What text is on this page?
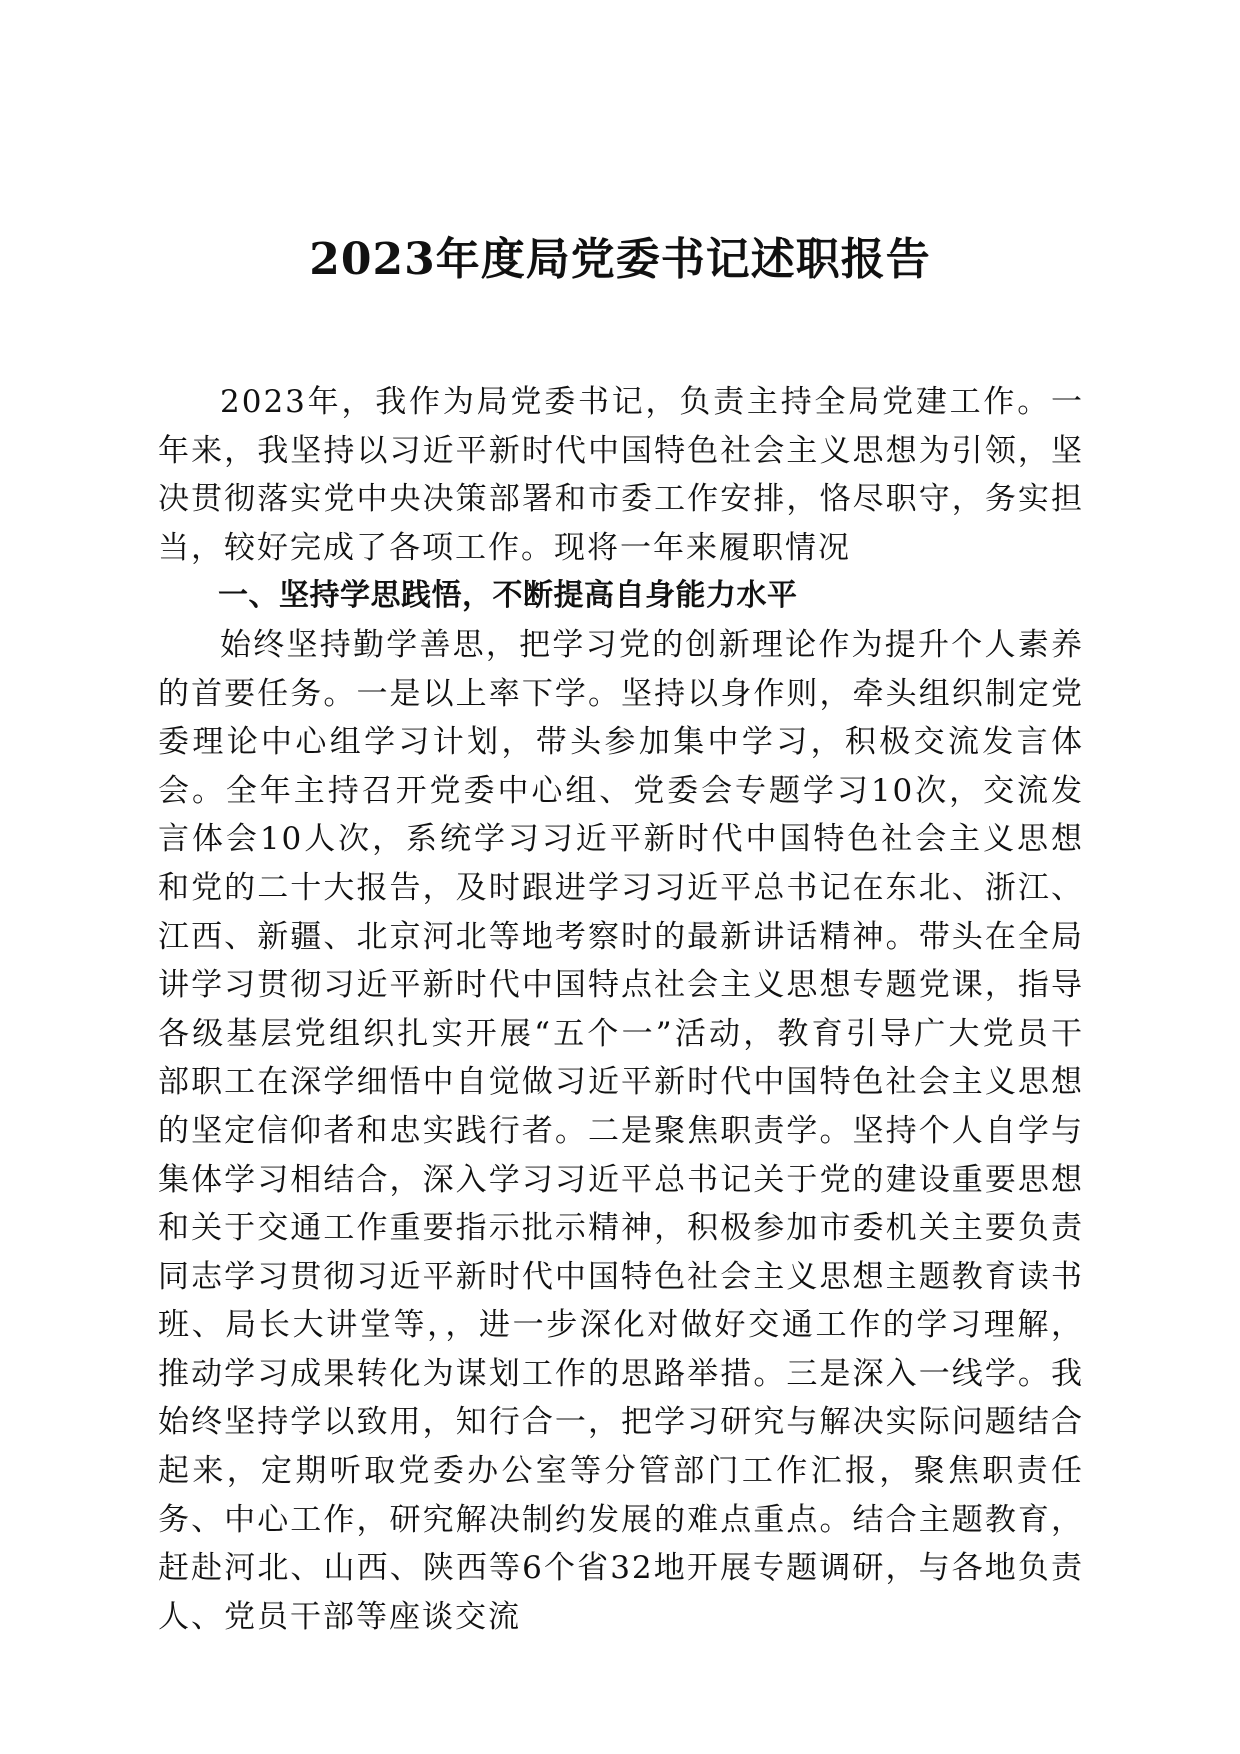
2023年度局党委书记述职报告

2023年，我作为局党委书记，负责主持全局党建工作。一年来，我坚持以习近平新时代中国特色社会主义思想为引领，坚决贯彻落实党中央决策部署和市委工作安排，恪尽职守，务实担当，较好完成了各项工作。现将一年来履职情况

一、坚持学思践悟，不断提高自身能力水平

始终坚持勤学善思，把学习党的创新理论作为提升个人素养的首要任务。一是以上率下学。坚持以身作则，牵头组织制定党委理论中心组学习计划，带头参加集中学习，积极交流发言体会。全年主持召开党委中心组、党委会专题学习10次，交流发言体会10人次，系统学习习近平新时代中国特色社会主义思想和党的二十大报告，及时跟进学习习近平总书记在东北、浙江、江西、新疆、北京河北等地考察时的最新讲话精神。带头在全局讲学习贯彻习近平新时代中国特点社会主义思想专题党课，指导各级基层党组织扎实开展“五个一”活动，教育引导广大党员干部职工在深学细悟中自觉做习近平新时代中国特色社会主义思想的坚定信仰者和忠实践行者。二是聚焦职责学。坚持个人自学与集体学习相结合，深入学习习近平总书记关于党的建设重要思想和关于交通工作重要指示批示精神，积极参加市委机关主要负责同志学习贯彻习近平新时代中国特色社会主义思想主题教育读书班、局长大讲堂等，，进一步深化对做好交通工作的学习理解，推动学习成果转化为谋划工作的思路举措。三是深入一线学。我始终坚持学以致用，知行合一，把学习研究与解决实际问题结合起来，定期听取党委办公室等分管部门工作汇报，聚焦职责任务、中心工作，研究解决制约发展的难点重点。结合主题教育，赶赴河北、山西、陕西等6个省32地开展专题调研，与各地负责人、党员干部等座谈交流
